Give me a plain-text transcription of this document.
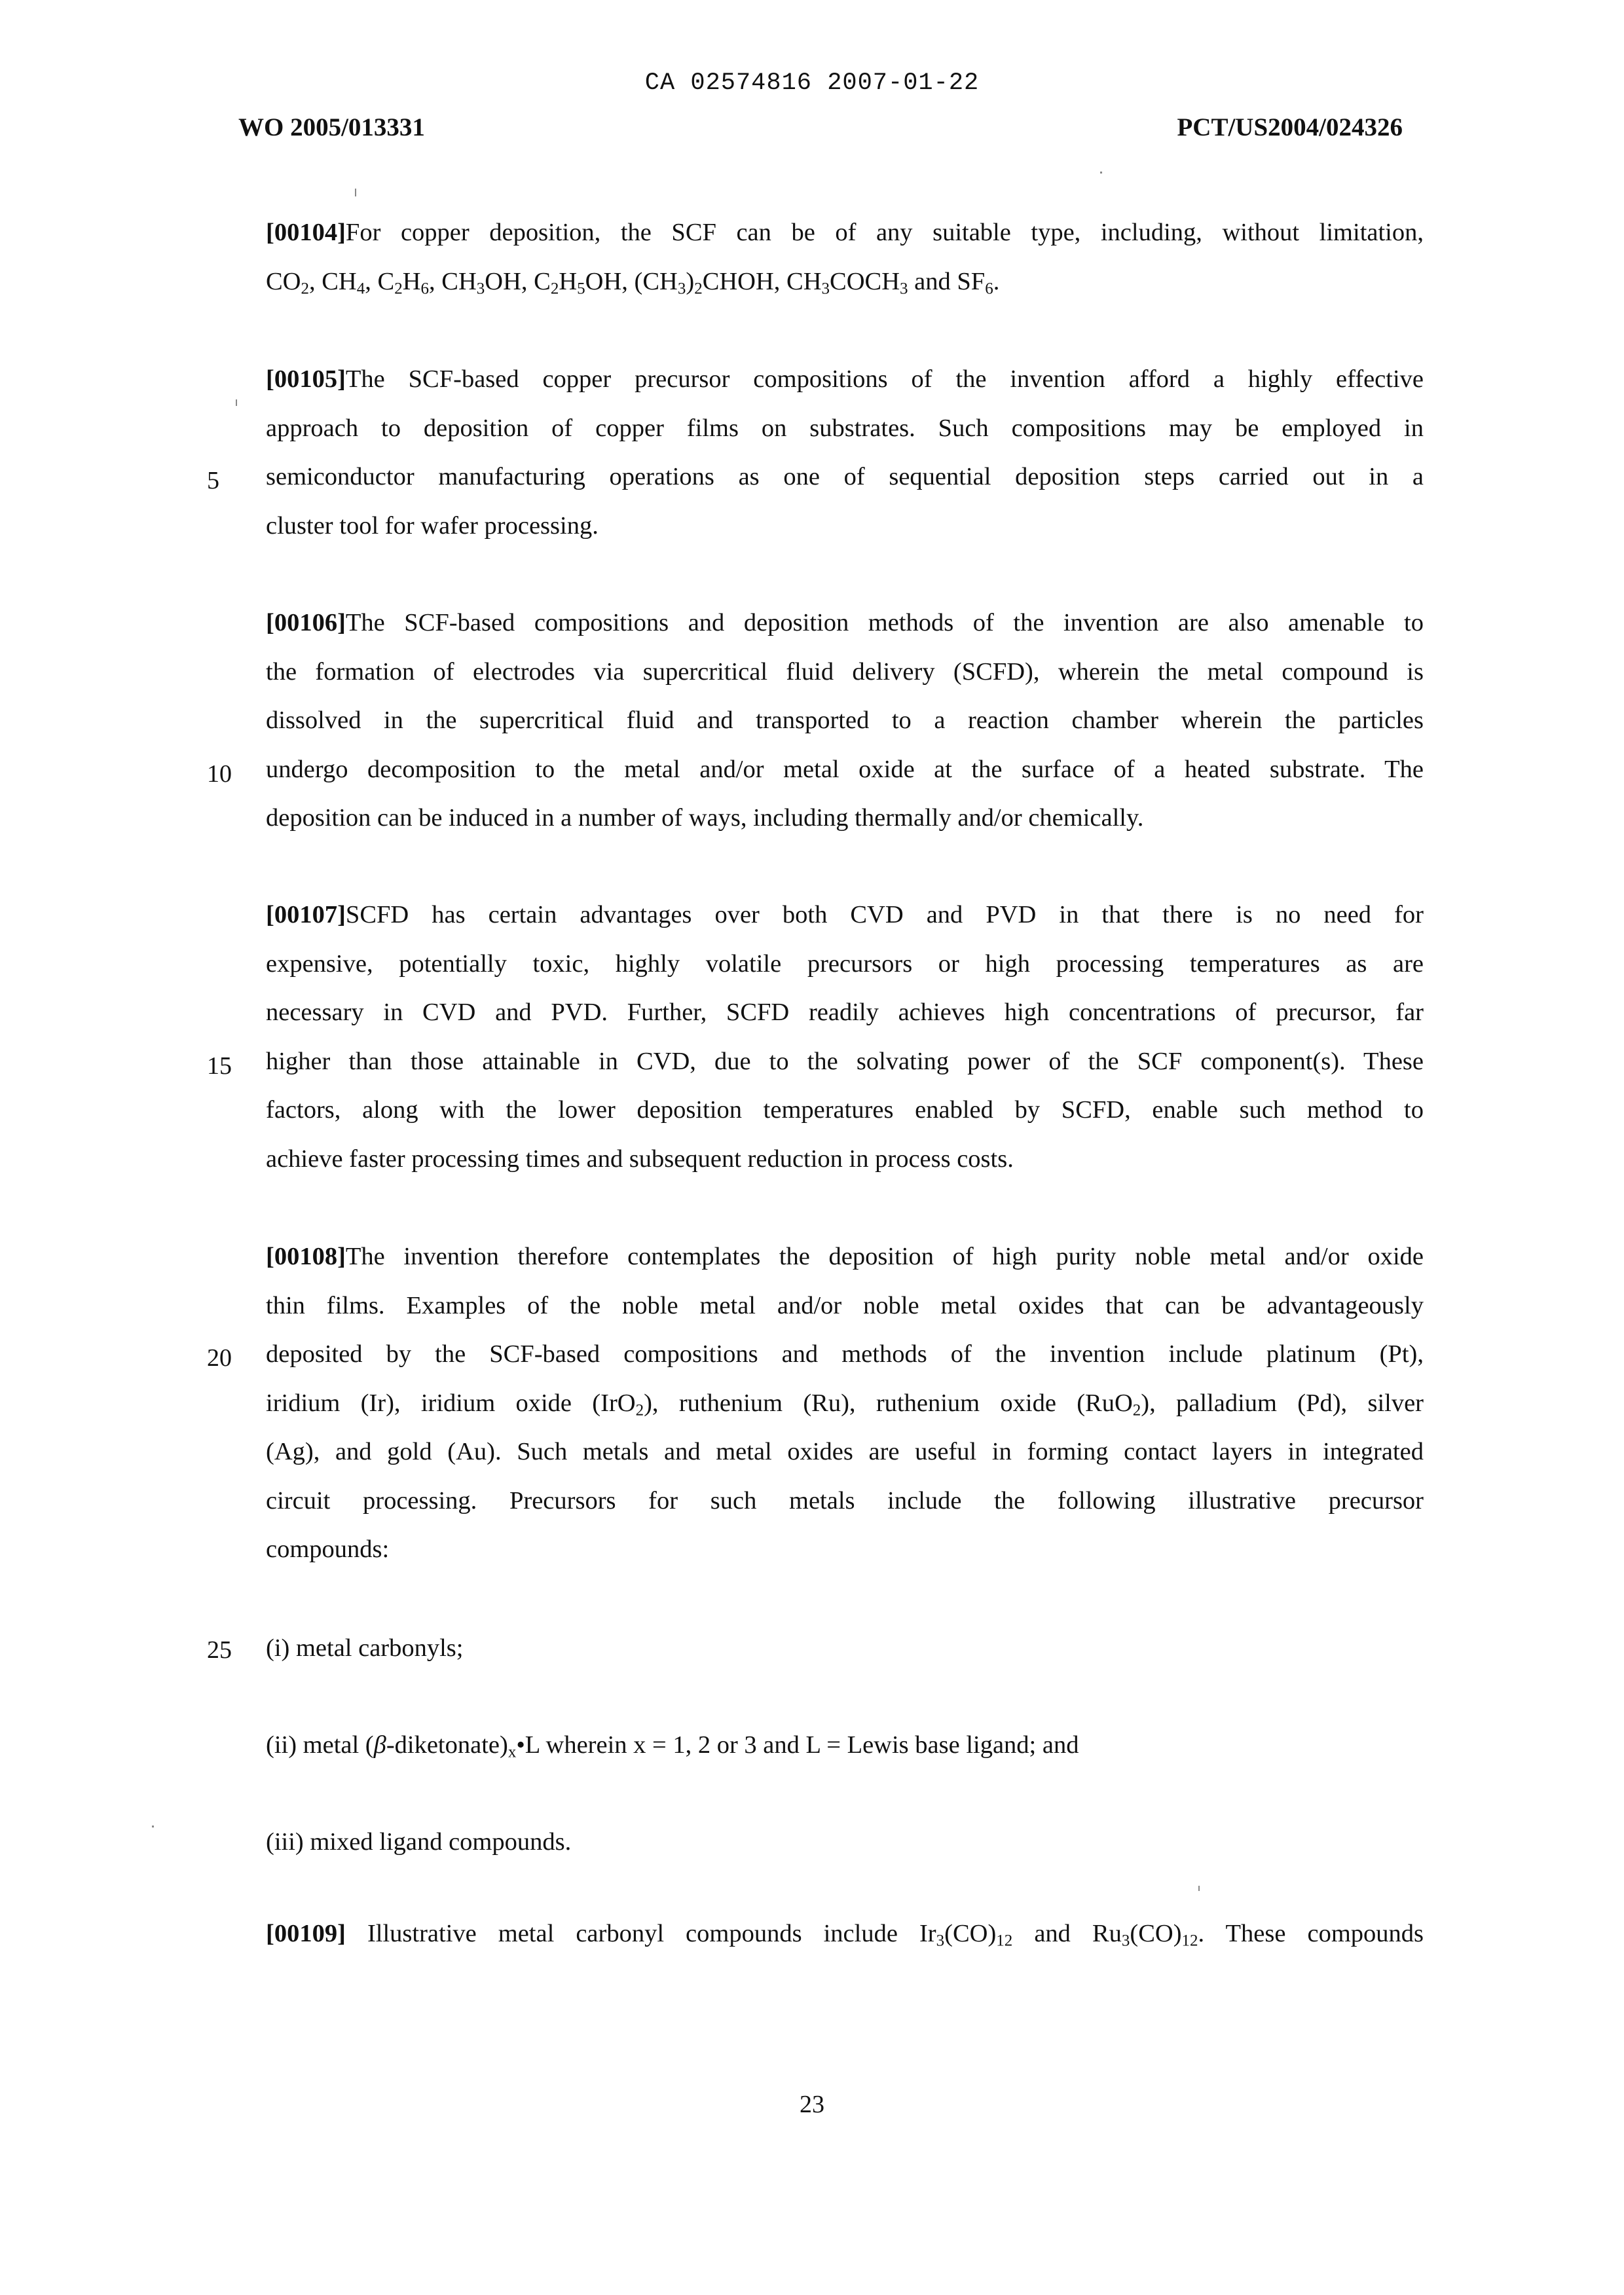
CA 02574816 2007-01-22
WO 2005/013331	PCT/US2004/024326
[00104]For copper deposition, the SCF can be of any suitable type, including, without limitation,
$CO_2$, $CH_4$, $C_2H_6$, $CH_3OH$, $C_2H_5OH$, $(CH_3)_2CHOH$, $CH_3COCH_3$ and $SF_6$.
[00105]The SCF-based copper precursor compositions of the invention afford a highly effective
approach to deposition of copper films on substrates. Such compositions may be employed in
semiconductor manufacturing operations as one of sequential deposition steps carried out in a
cluster tool for wafer processing.
[00106]The SCF-based compositions and deposition methods of the invention are also amenable to
the formation of electrodes via supercritical fluid delivery (SCFD), wherein the metal compound is
dissolved in the supercritical fluid and transported to a reaction chamber wherein the particles
undergo decomposition to the metal and/or metal oxide at the surface of a heated substrate. The
deposition can be induced in a number of ways, including thermally and/or chemically.
[00107]SCFD has certain advantages over both CVD and PVD in that there is no need for
expensive, potentially toxic, highly volatile precursors or high processing temperatures as are
necessary in CVD and PVD. Further, SCFD readily achieves high concentrations of precursor, far
higher than those attainable in CVD, due to the solvating power of the SCF component(s). These
factors, along with the lower deposition temperatures enabled by SCFD, enable such method to
achieve faster processing times and subsequent reduction in process costs.
[00108]The invention therefore contemplates the deposition of high purity noble metal and/or oxide
thin films. Examples of the noble metal and/or noble metal oxides that can be advantageously
deposited by the SCF-based compositions and methods of the invention include platinum (Pt),
iridium (Ir), iridium oxide (IrO$_2$), ruthenium (Ru), ruthenium oxide (RuO$_2$), palladium (Pd), silver
(Ag), and gold (Au). Such metals and metal oxides are useful in forming contact layers in integrated
circuit processing. Precursors for such metals include the following illustrative precursor
compounds:
(i) metal carbonyls;
(ii) metal $(\beta-diketonate)_x•L$ wherein x = 1, 2 or 3 and L = Lewis base ligand; and
(iii) mixed ligand compounds.
[00109] Illustrative metal carbonyl compounds include $Ir_3(CO)_{12}$ and $Ru_3(CO)_{12}$. These compounds
5
10
15
20
25
23
